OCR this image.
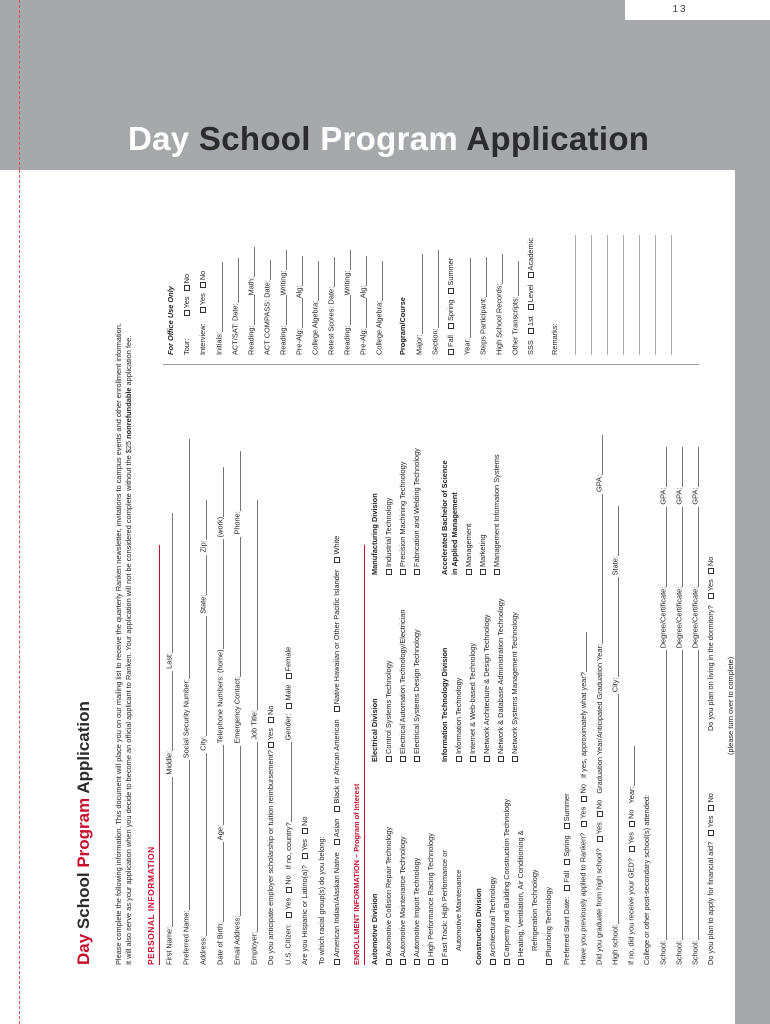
13
Day School Program Application
Day School Program Application	Please complete the following information. This document will place you on our mailing list to receive the quarterly Ranken newsletter, invitations to campus events and other enrollment information. It will also serve as your application when you decide to become an official applicant to Ranken. Your application will not be considered complete without the $25 nonrefundable application fee.
PERSONAL INFORMATION First Name: Middle: Last:
Preferred Name: Social Security Number:
Address: City: State: Zip:
Date of Birth: Age: Telephone Numbers: (home) (work)
Email Address: Emergency Contact: Phone:
Employer: Job Title:
Do you anticipate employer scholarship or tuition reimbursement? Yes No
U.S. Citizen: Yes No If no, country? Gender: Male Female
Are you Hispanic or Latino(a)? Yes No
To which racial group(s) do you belong: American Indian/Alaskan Native Asian Black or African American Native Hawaiian or Other Pacific Islander White
ENROLLMENT INFORMATION – Program of Interest
Automotive Division Automotive Collision Repair Technology Automotive Maintenance Technology Automotive Import Technology High Performance Racing Technology Fast Track: High Performance or Automotive Maintenance Construction Division Architectural Technology Carpentry and Building Construction Technology Heating, Ventilation, Air Conditioning & Refrigeration Technology Plumbing Technology
Electrical Division Control Systems Technology Electrical Automation Technology/Electrician Electrical Systems Design Technology	Information Technology Division Information Technology Internet & Web-based Technology Network Architecture & Design Technology Network & Database Administration Technology Network Systems Management Technology
Manufacturing Division Industrial Technology Precision Machining Technology Fabrication and Welding Technology	Accelerated Bachelor of Science in Applied Management Management Marketing Management Information Systems
Preferred Start Date: Fall Spring Summer
Have you previously applied to Ranken? Yes No If yes, approximately what year?
Did you graduate from high school? Yes No Graduation Year/Anticipated Graduation Year: GPA:
High school: City: State:
If no, did you receive your GED? Yes No Year: College or other post-secondary school(s) attended: School: Degree/Certificate: GPA:
School: Degree/Certificate: GPA:
School: Degree/Certificate: GPA:
Do you plan to apply for financial aid? Yes No Do you plan on living in the dormitory? Yes No
(please turn over to complete)
For Office Use Only Tour: Yes No
Interview: Yes No
Initials: ACT/SAT: Date:
Reading:Math: ACT COMPASS: Date: Reading:Writing:
Pre-Alg:Alg:
College Algebra: Retest Scores: Date:
Reading:Writing:
Pre-Alg:Alg:
College Algebra: Program/Course Major: Section: Fall Spring Summer
Year: Steps Participant: High School Records: Other Transcripts: SSS 1st Level Academic
Remarks:
